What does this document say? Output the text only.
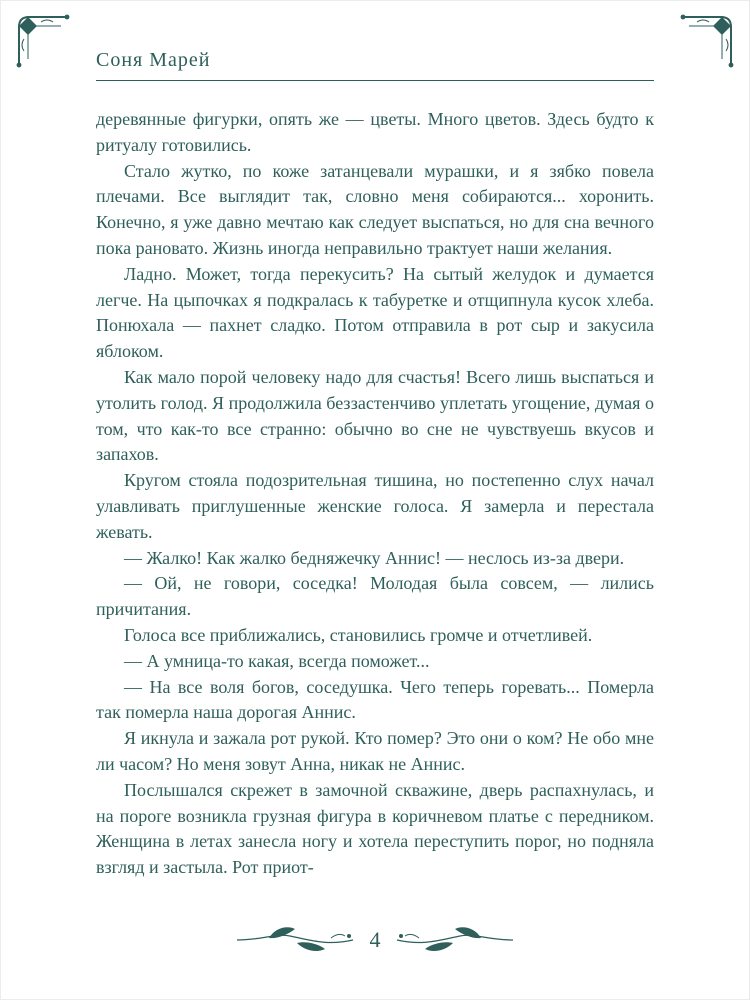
Соня Марей

деревянные фигурки, опять же — цветы. Много цветов. Здесь будто к ритуалу готовились.

Стало жутко, по коже затанцевали мурашки, и я зябко повела плечами. Все выглядит так, словно меня собираются... хоронить. Конечно, я уже давно мечтаю как следует выспаться, но для сна вечного пока рановато. Жизнь иногда неправильно трактует наши желания.

Ладно. Может, тогда перекусить? На сытый желудок и думается легче. На цыпочках я подкралась к табуретке и отщипнула кусок хлеба. Понюхала — пахнет сладко. Потом отправила в рот сыр и закусила яблоком.

Как мало порой человеку надо для счастья! Всего лишь выспаться и утолить голод. Я продолжила беззастенчиво уплетать угощение, думая о том, что как-то все странно: обычно во сне не чувствуешь вкусов и запахов.

Кругом стояла подозрительная тишина, но постепенно слух начал улавливать приглушенные женские голоса. Я замерла и перестала жевать.

— Жалко! Как жалко бедняжечку Аннис! — неслось из-за двери.

— Ой, не говори, соседка! Молодая была совсем, — лились причитания.

Голоса все приближались, становились громче и отчетливей.

— А умница-то какая, всегда поможет...

— На все воля богов, соседушка. Чего теперь горевать... Померла так померла наша дорогая Аннис.

Я икнула и зажала рот рукой. Кто помер? Это они о ком? Не обо мне ли часом? Но меня зовут Анна, никак не Аннис.

Послышался скрежет в замочной скважине, дверь распахнулась, и на пороге возникла грузная фигура в коричневом платье с передником. Женщина в летах занесла ногу и хотела переступить порог, но подняла взгляд и застыла. Рот приот-

4
